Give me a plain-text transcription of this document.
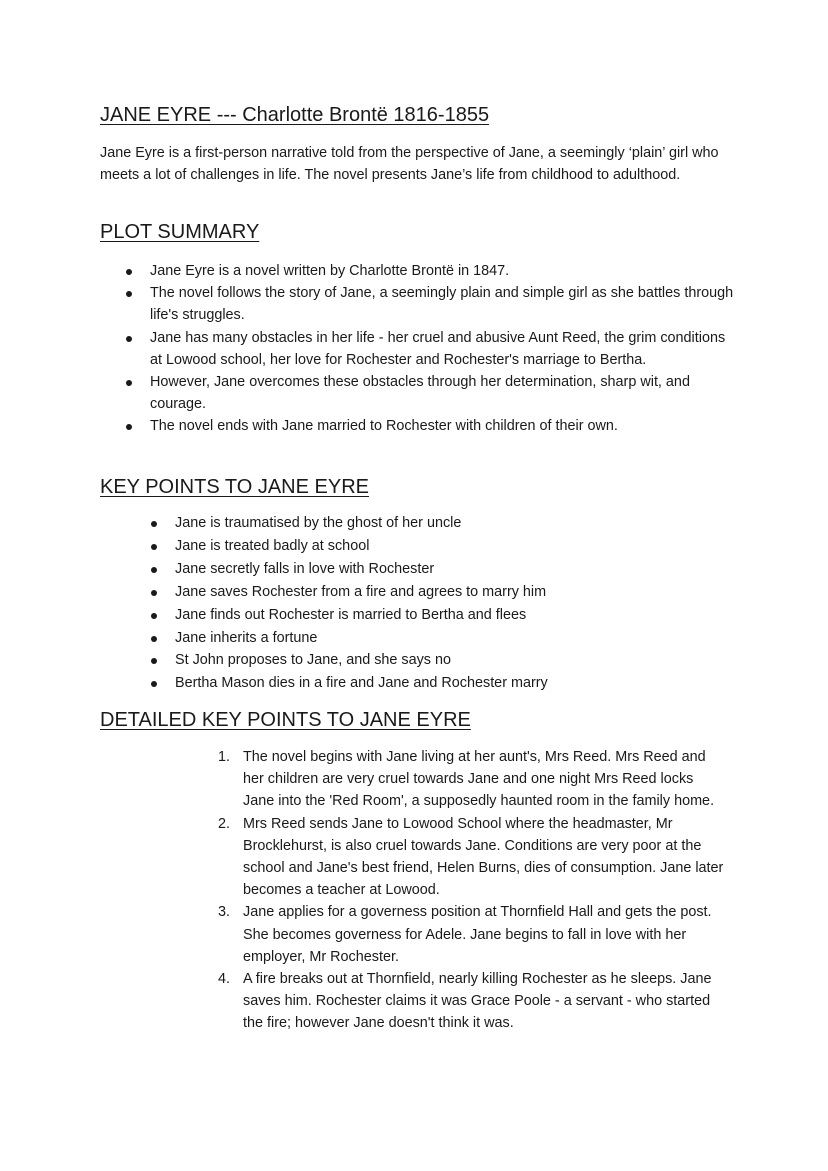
JANE EYRE --- Charlotte Brontë 1816-1855

Jane Eyre is a first-person narrative told from the perspective of Jane, a seemingly ‘plain’ girl who meets a lot of challenges in life. The novel presents Jane’s life from childhood to adulthood.

PLOT SUMMARY
Jane Eyre is a novel written by Charlotte Brontë in 1847.
The novel follows the story of Jane, a seemingly plain and simple girl as she battles through life's struggles.
Jane has many obstacles in her life - her cruel and abusive Aunt Reed, the grim conditions at Lowood school, her love for Rochester and Rochester's marriage to Bertha.
However, Jane overcomes these obstacles through her determination, sharp wit, and courage.
The novel ends with Jane married to Rochester with children of their own.
KEY POINTS TO JANE EYRE
Jane is traumatised by the ghost of her uncle
Jane is treated badly at school
Jane secretly falls in love with Rochester
Jane saves Rochester from a fire and agrees to marry him
Jane finds out Rochester is married to Bertha and flees
Jane inherits a fortune
St John proposes to Jane, and she says no
Bertha Mason dies in a fire and Jane and Rochester marry
DETAILED KEY POINTS TO JANE EYRE
1. The novel begins with Jane living at her aunt's, Mrs Reed. Mrs Reed and her children are very cruel towards Jane and one night Mrs Reed locks Jane into the 'Red Room', a supposedly haunted room in the family home.
2. Mrs Reed sends Jane to Lowood School where the headmaster, Mr Brocklehurst, is also cruel towards Jane. Conditions are very poor at the school and Jane's best friend, Helen Burns, dies of consumption. Jane later becomes a teacher at Lowood.
3. Jane applies for a governess position at Thornfield Hall and gets the post. She becomes governess for Adele. Jane begins to fall in love with her employer, Mr Rochester.
4. A fire breaks out at Thornfield, nearly killing Rochester as he sleeps. Jane saves him. Rochester claims it was Grace Poole - a servant - who started the fire; however Jane doesn't think it was.
